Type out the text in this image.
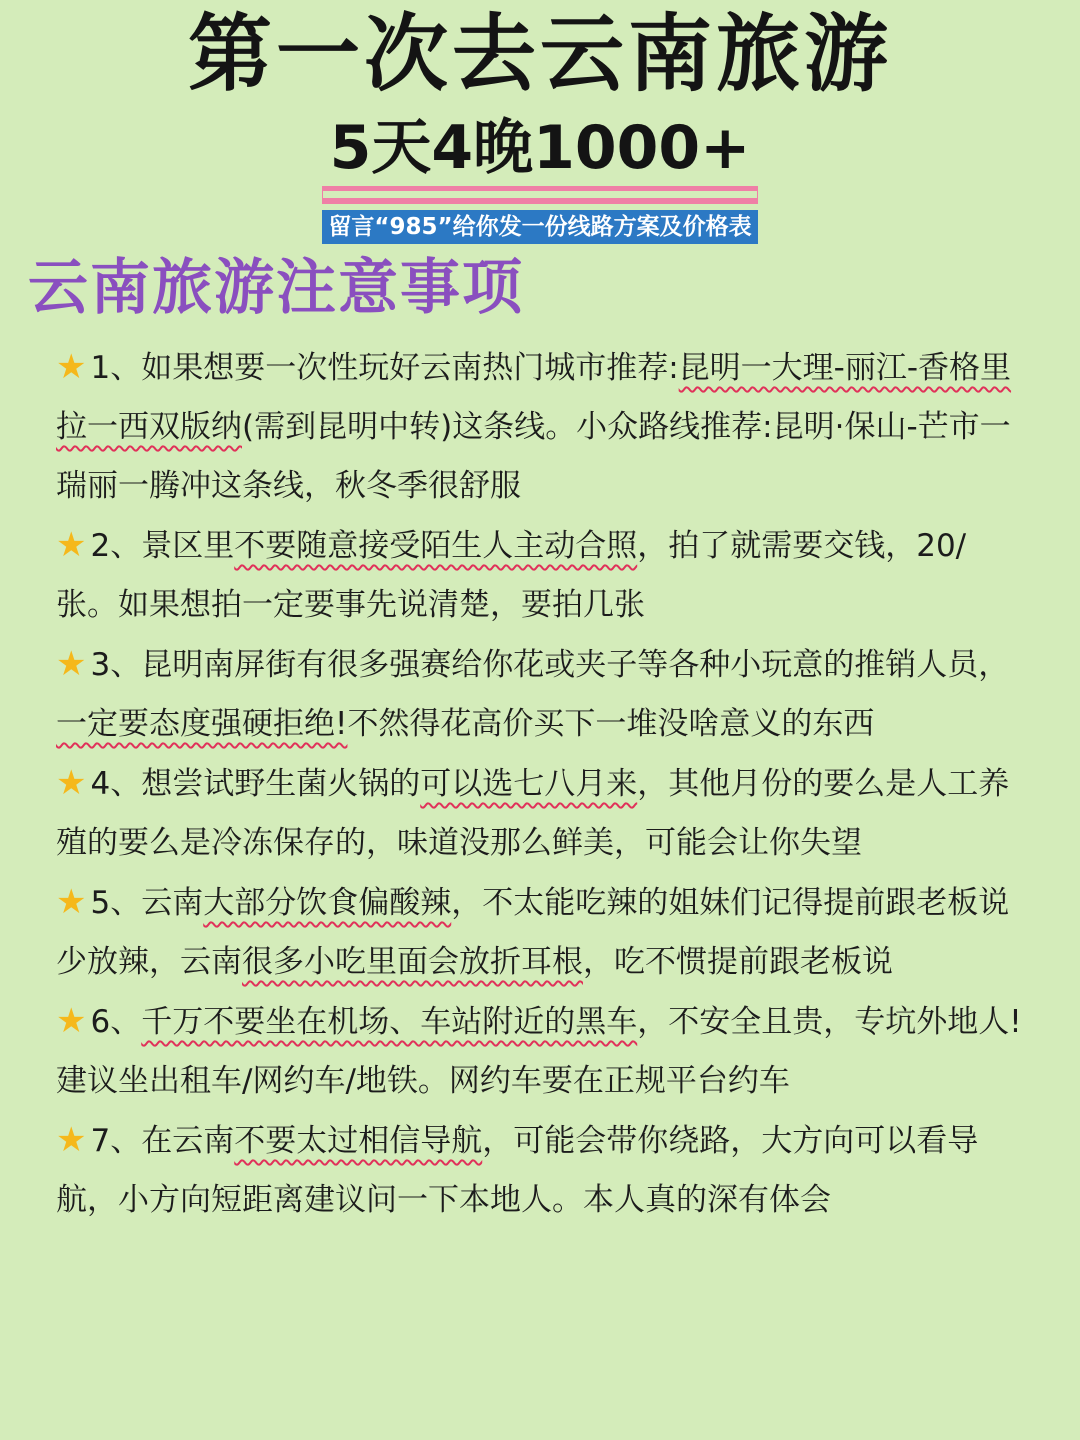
第一次去云南旅游
5天4晚1000+
留言“985”给你发一份线路方案及价格表
云南旅游注意事项

★ 1、如果想要一次性玩好云南热门城市推荐:昆明一大理-丽江-香格里拉一西双版纳(需到昆明中转)这条线。小众路线推荐:昆明·保山-芒市一瑞丽一腾冲这条线，秋冬季很舒服

★ 2、景区里不要随意接受陌生人主动合照，拍了就需要交钱，20/张。如果想拍一定要事先说清楚，要拍几张

★ 3、昆明南屏街有很多强赛给你花或夹子等各种小玩意的推销人员，一定要态度强硬拒绝!不然得花高价买下一堆没啥意义的东西

★ 4、想尝试野生菌火锅的可以选七八月来，其他月份的要么是人工养殖的要么是冷冻保存的，味道没那么鲜美，可能会让你失望

★ 5、云南大部分饮食偏酸辣，不太能吃辣的姐妹们记得提前跟老板说少放辣，云南很多小吃里面会放折耳根，吃不惯提前跟老板说

★ 6、千万不要坐在机场、车站附近的黑车，不安全且贵，专坑外地人!建议坐出租车/网约车/地铁。网约车要在正规平台约车

★ 7、在云南不要太过相信导航，可能会带你绕路，大方向可以看导航，小方向短距离建议问一下本地人。本人真的深有体会
